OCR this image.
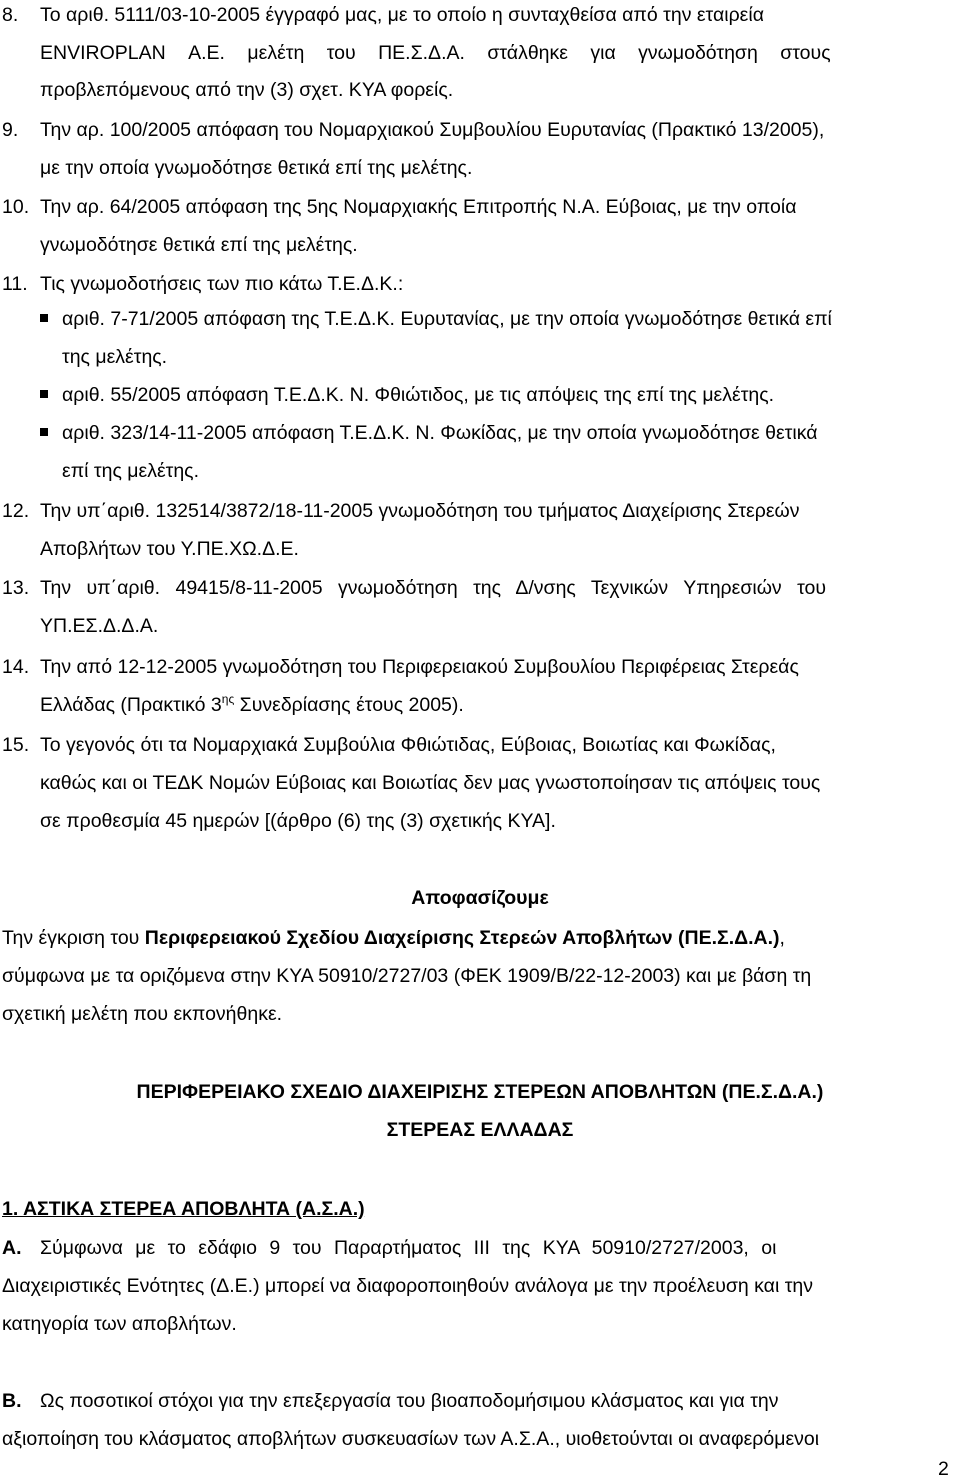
8. Το αριθ. 5111/03-10-2005 έγγραφό μας, με το οποίο η συνταχθείσα από την εταιρεία
ENVIROPLAN Α.Ε. μελέτη του ΠΕ.Σ.Δ.Α. στάλθηκε για γνωμοδότηση στους
προβλεπόμενους από την (3) σχετ. ΚΥΑ φορείς.
9. Την αρ. 100/2005 απόφαση του Νομαρχιακού Συμβουλίου Ευρυτανίας (Πρακτικό 13/2005),
με την οποία γνωμοδότησε θετικά επί της μελέτης.
10. Την αρ. 64/2005 απόφαση της 5ης Νομαρχιακής Επιτροπής Ν.Α. Εύβοιας, με την οποία
γνωμοδότησε θετικά επί της μελέτης.
11. Τις γνωμοδοτήσεις των πιο κάτω Τ.Ε.Δ.Κ.:
αριθ. 7-71/2005 απόφαση της Τ.Ε.Δ.Κ. Ευρυτανίας, με την οποία γνωμοδότησε θετικά επί
της μελέτης.
αριθ. 55/2005 απόφαση Τ.Ε.Δ.Κ. Ν. Φθιώτιδος, με τις απόψεις της επί της μελέτης.
αριθ. 323/14-11-2005 απόφαση Τ.Ε.Δ.Κ. Ν. Φωκίδας, με την οποία γνωμοδότησε θετικά
επί της μελέτης.
12. Την υπ΄αριθ. 132514/3872/18-11-2005 γνωμοδότηση του τμήματος Διαχείρισης Στερεών
Αποβλήτων του Υ.ΠΕ.ΧΩ.Δ.Ε.
13. Την υπ΄αριθ. 49415/8-11-2005 γνωμοδότηση της Δ/νσης Τεχνικών Υπηρεσιών του
ΥΠ.ΕΣ.Δ.Δ.Α.
14. Την από 12-12-2005 γνωμοδότηση του Περιφερειακού Συμβουλίου Περιφέρειας Στερεάς
Ελλάδας (Πρακτικό $3^{\eta\varsigma}$ Συνεδρίασης έτους 2005).
15. Το γεγονός ότι τα Νομαρχιακά Συμβούλια Φθιώτιδας, Εύβοιας, Βοιωτίας και Φωκίδας,
καθώς και οι ΤΕΔΚ Νομών Εύβοιας και Βοιωτίας δεν μας γνωστοποίησαν τις απόψεις τους
σε προθεσμία 45 ημερών [(άρθρο (6) της (3) σχετικής ΚΥΑ].
Αποφασίζουμε
Την έγκριση του Περιφερειακού Σχεδίου Διαχείρισης Στερεών Αποβλήτων (ΠΕ.Σ.Δ.Α.),
σύμφωνα με τα οριζόμενα στην ΚΥΑ 50910/2727/03 (ΦΕΚ 1909/Β/22-12-2003) και με βάση τη
σχετική μελέτη που εκπονήθηκε.
ΠΕΡΙΦΕΡΕΙΑΚΟ ΣΧΕΔΙΟ ΔΙΑΧΕΙΡΙΣΗΣ ΣΤΕΡΕΩΝ ΑΠΟΒΛΗΤΩΝ (ΠΕ.Σ.Δ.Α.)
ΣΤΕΡΕΑΣ ΕΛΛΑΔΑΣ
1. ΑΣΤΙΚΑ ΣΤΕΡΕΑ ΑΠΟΒΛΗΤΑ (Α.Σ.Α.)
Α. Σύμφωνα με το εδάφιο 9 του Παραρτήματος ΙΙΙ της ΚΥΑ 50910/2727/2003, οι
Διαχειριστικές Ενότητες (Δ.Ε.) μπορεί να διαφοροποιηθούν ανάλογα με την προέλευση και την
κατηγορία των αποβλήτων.
Β. Ως ποσοτικοί στόχοι για την επεξεργασία του βιοαποδομήσιμου κλάσματος και για την
αξιοποίηση του κλάσματος αποβλήτων συσκευασίων των Α.Σ.Α., υιοθετούνται οι αναφερόμενοι
2
